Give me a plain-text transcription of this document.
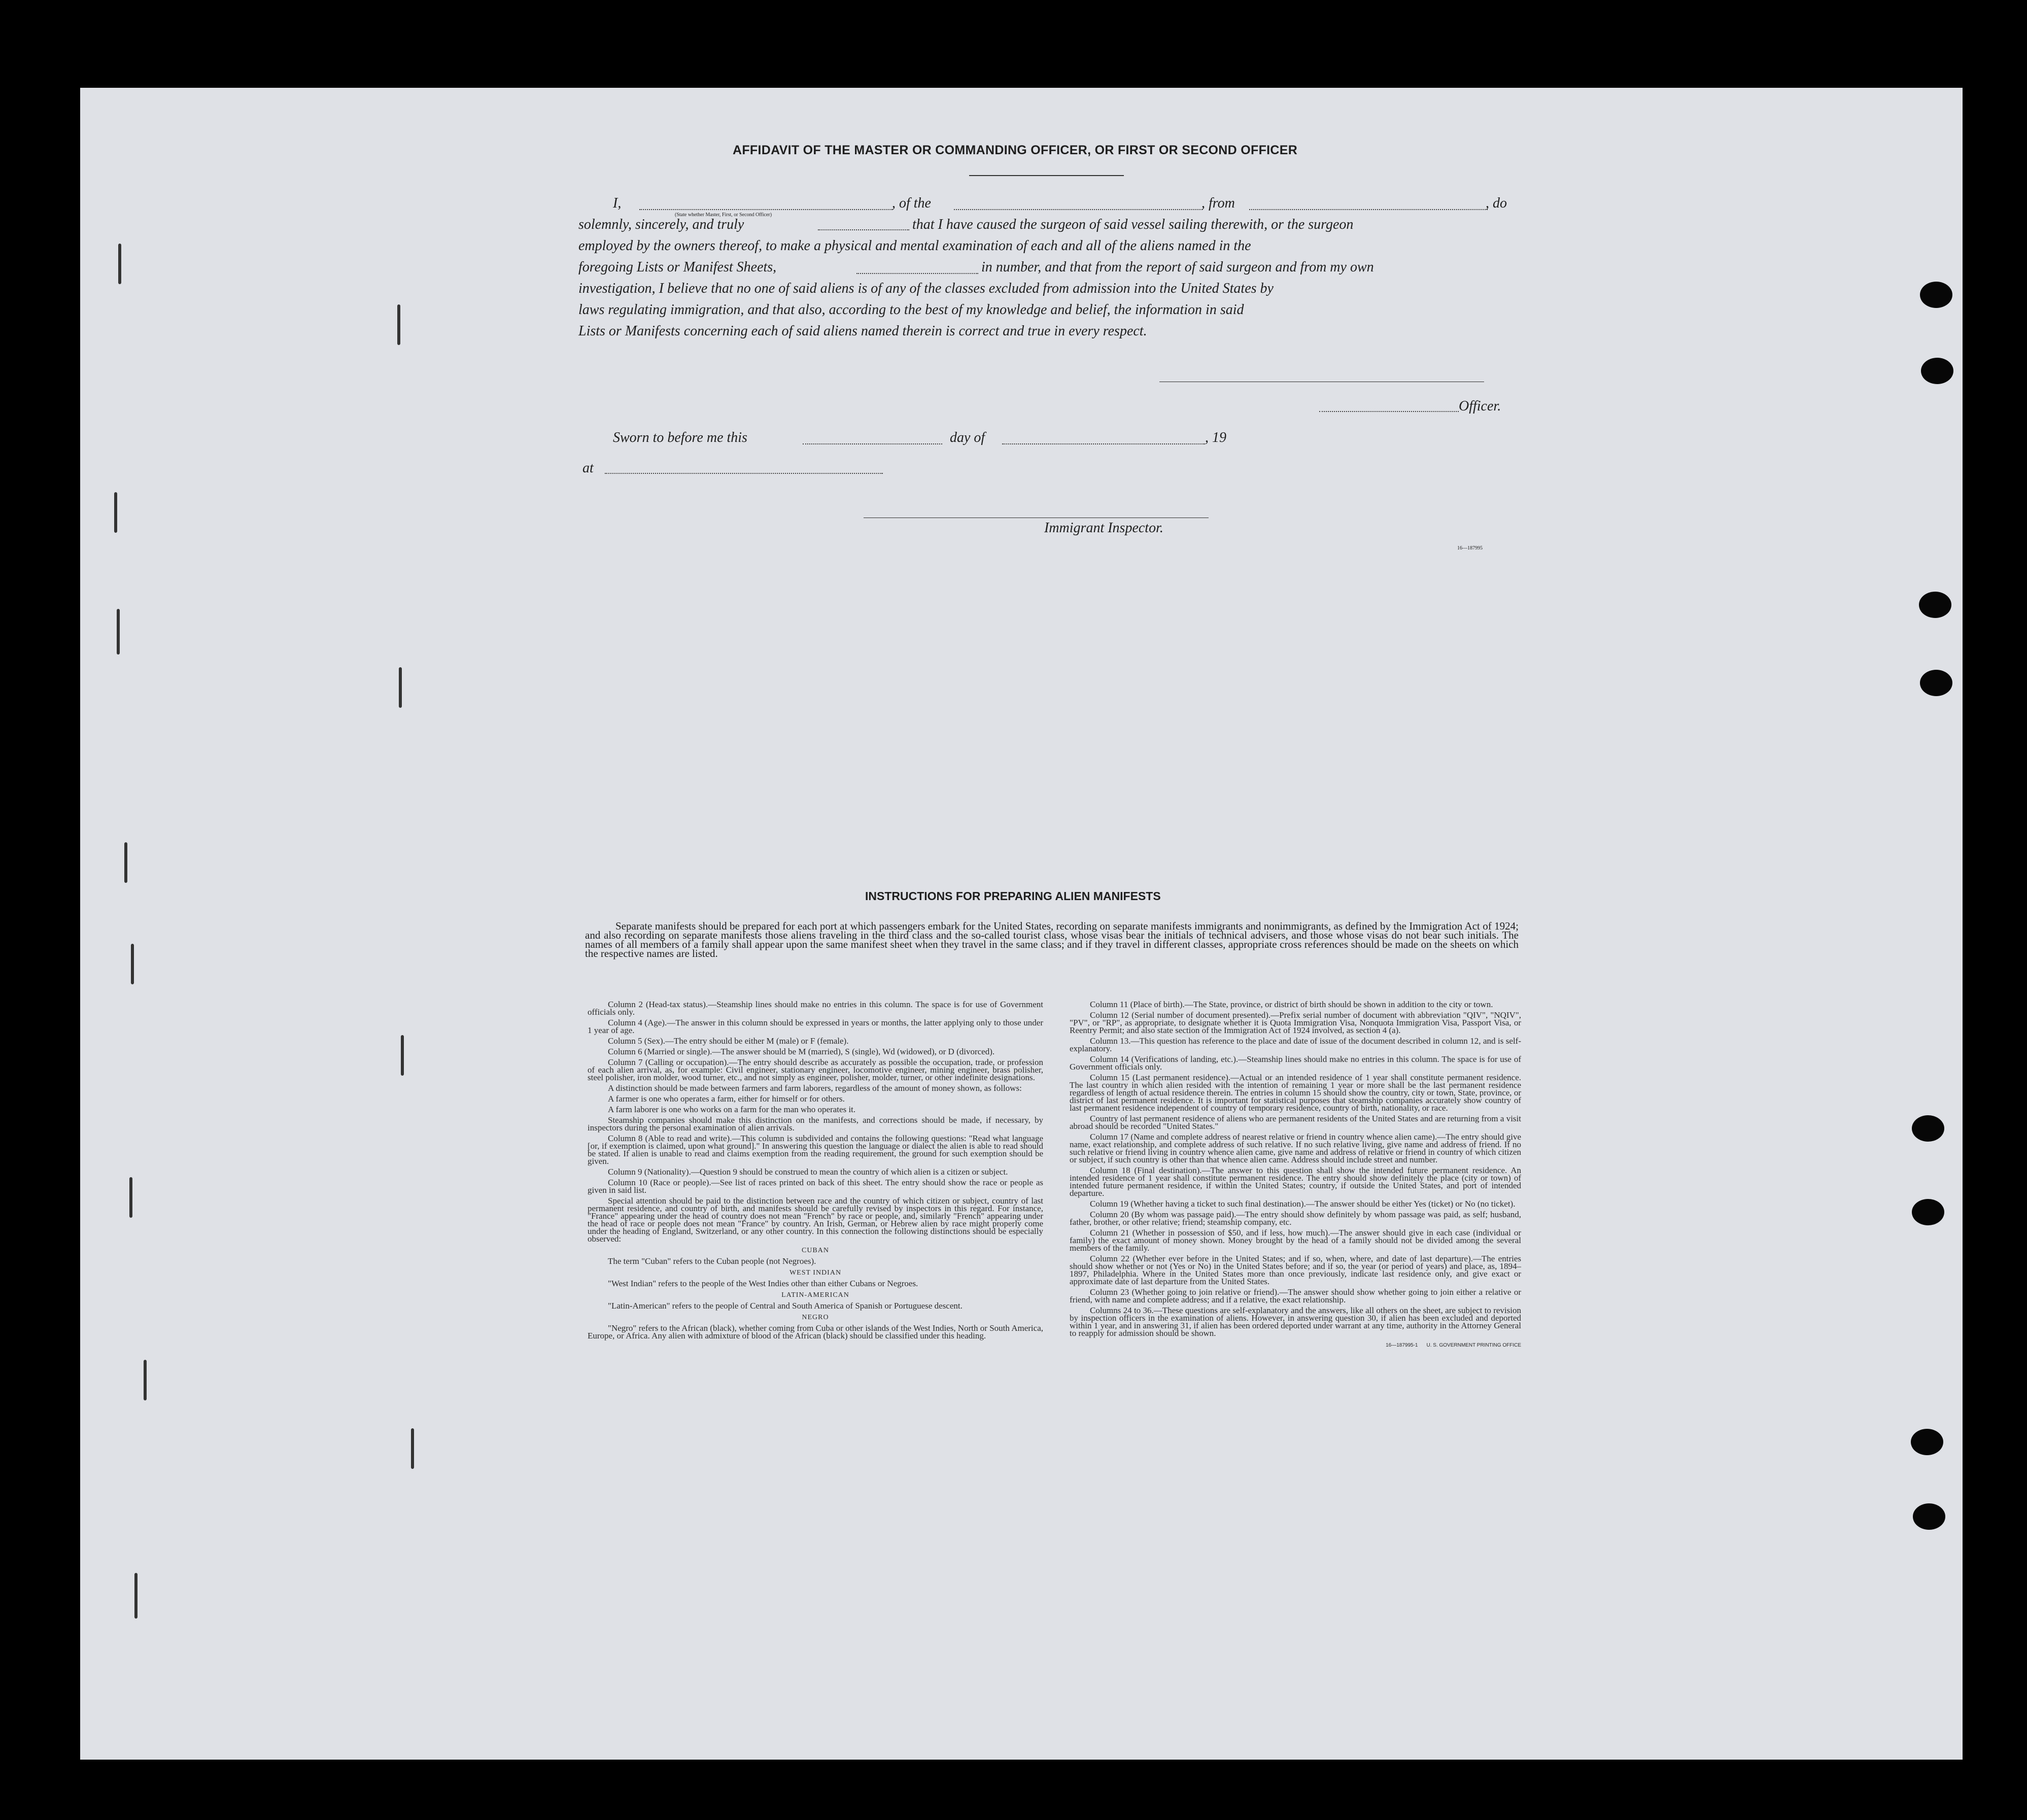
AFFIDAVIT OF THE MASTER OR COMMANDING OFFICER, OR FIRST OR SECOND OFFICER
I,
(State whether Master, First, or Second Officer)
, of the	, from	, do
solemnly, sincerely, and truly	that I have caused the surgeon of said vessel sailing therewith, or the surgeon
employed by the owners thereof, to make a physical and mental examination of each and all of the aliens named in the
foregoing Lists or Manifest Sheets,	in number, and that from the report of said surgeon and from my own
investigation, I believe that no one of said aliens is of any of the classes excluded from admission into the United States by
laws regulating immigration, and that also, according to the best of my knowledge and belief, the information in said
Lists or Manifests concerning each of said aliens named therein is correct and true in every respect.
Officer.
Sworn to before me this	day of	, 19
at
Immigrant Inspector.
16—187995
INSTRUCTIONS FOR PREPARING ALIEN MANIFESTS
Separate manifests should be prepared for each port at which passengers embark for the United States, recording on separate manifests immigrants and nonimmigrants, as defined by the Immigration Act of 1924; and also recording on separate manifests those aliens traveling in the third class and the so-called tourist class, whose visas bear the initials of technical advisers, and those whose visas do not bear such initials. The names of all members of a family shall appear upon the same manifest sheet when they travel in the same class; and if they travel in different classes, appropriate cross references should be made on the sheets on which the respective names are listed.

Column 2 (Head-tax status).—Steamship lines should make no entries in this column. The space is for use of Government officials only.

Column 4 (Age).—The answer in this column should be expressed in years or months, the latter applying only to those under 1 year of age.

Column 5 (Sex).—The entry should be either M (male) or F (female).

Column 6 (Married or single).—The answer should be M (married), S (single), Wd (widowed), or D (divorced).

Column 7 (Calling or occupation).—The entry should describe as accurately as possible the occupation, trade, or profession of each alien arrival, as, for example: Civil engineer, stationary engineer, locomotive engineer, mining engineer, brass polisher, steel polisher, iron molder, wood turner, etc., and not simply as engineer, polisher, molder, turner, or other indefinite designations.

A distinction should be made between farmers and farm laborers, regardless of the amount of money shown, as follows:

A farmer is one who operates a farm, either for himself or for others.

A farm laborer is one who works on a farm for the man who operates it.

Steamship companies should make this distinction on the manifests, and corrections should be made, if necessary, by inspectors during the personal examination of alien arrivals.

Column 8 (Able to read and write).—This column is subdivided and contains the following questions: "Read what language [or, if exemption is claimed, upon what ground]." In answering this question the language or dialect the alien is able to read should be stated. If alien is unable to read and claims exemption from the reading requirement, the ground for such exemption should be given.

Column 9 (Nationality).—Question 9 should be construed to mean the country of which alien is a citizen or subject.

Column 10 (Race or people).—See list of races printed on back of this sheet. The entry should show the race or people as given in said list.

Special attention should be paid to the distinction between race and the country of which citizen or subject, country of last permanent residence, and country of birth, and manifests should be carefully revised by inspectors in this regard. For instance, "France" appearing under the head of country does not mean "French" by race or people, and, similarly "French" appearing under the head of race or people does not mean "France" by country. An Irish, German, or Hebrew alien by race might properly come under the heading of England, Switzerland, or any other country. In this connection the following distinctions should be especially observed:

CUBAN

The term "Cuban" refers to the Cuban people (not Negroes).

WEST INDIAN

"West Indian" refers to the people of the West Indies other than either Cubans or Negroes.

LATIN-AMERICAN

"Latin-American" refers to the people of Central and South America of Spanish or Portuguese descent.

NEGRO

"Negro" refers to the African (black), whether coming from Cuba or other islands of the West Indies, North or South America, Europe, or Africa. Any alien with admixture of blood of the African (black) should be classified under this heading.

Column 11 (Place of birth).—The State, province, or district of birth should be shown in addition to the city or town.

Column 12 (Serial number of document presented).—Prefix serial number of document with abbreviation "QIV", "NQIV", "PV", or "RP", as appropriate, to designate whether it is Quota Immigration Visa, Nonquota Immigration Visa, Passport Visa, or Reentry Permit; and also state section of the Immigration Act of 1924 involved, as section 4 (a).

Column 13.—This question has reference to the place and date of issue of the document described in column 12, and is self-explanatory.

Column 14 (Verifications of landing, etc.).—Steamship lines should make no entries in this column. The space is for use of Government officials only.

Column 15 (Last permanent residence).—Actual or an intended residence of 1 year shall constitute permanent residence. The last country in which alien resided with the intention of remaining 1 year or more shall be the last permanent residence regardless of length of actual residence therein. The entries in column 15 should show the country, city or town, State, province, or district of last permanent residence. It is important for statistical purposes that steamship companies accurately show country of last permanent residence independent of country of temporary residence, country of birth, nationality, or race.

Country of last permanent residence of aliens who are permanent residents of the United States and are returning from a visit abroad should be recorded "United States."

Column 17 (Name and complete address of nearest relative or friend in country whence alien came).—The entry should give name, exact relationship, and complete address of such relative. If no such relative living, give name and address of friend. If no such relative or friend living in country whence alien came, give name and address of relative or friend in country of which citizen or subject, if such country is other than that whence alien came. Address should include street and number.

Column 18 (Final destination).—The answer to this question shall show the intended future permanent residence. An intended residence of 1 year shall constitute permanent residence. The entry should show definitely the place (city or town) of intended future permanent residence, if within the United States; country, if outside the United States, and port of intended departure.

Column 19 (Whether having a ticket to such final destination).—The answer should be either Yes (ticket) or No (no ticket).

Column 20 (By whom was passage paid).—The entry should show definitely by whom passage was paid, as self; husband, father, brother, or other relative; friend; steamship company, etc.

Column 21 (Whether in possession of $50, and if less, how much).—The answer should give in each case (individual or family) the exact amount of money shown. Money brought by the head of a family should not be divided among the several members of the family.

Column 22 (Whether ever before in the United States; and if so, when, where, and date of last departure).—The entries should show whether or not (Yes or No) in the United States before; and if so, the year (or period of years) and place, as, 1894–1897, Philadelphia. Where in the United States more than once previously, indicate last residence only, and give exact or approximate date of last departure from the United States.

Column 23 (Whether going to join relative or friend).—The answer should show whether going to join either a relative or friend, with name and complete address; and if a relative, the exact relationship.

Columns 24 to 36.—These questions are self-explanatory and the answers, like all others on the sheet, are subject to revision by inspection officers in the examination of aliens. However, in answering question 30, if alien has been excluded and deported within 1 year, and in answering 31, if alien has been ordered deported under warrant at any time, authority in the Attorney General to reapply for admission should be shown.

16—187995-1 U. S. GOVERNMENT PRINTING OFFICE
